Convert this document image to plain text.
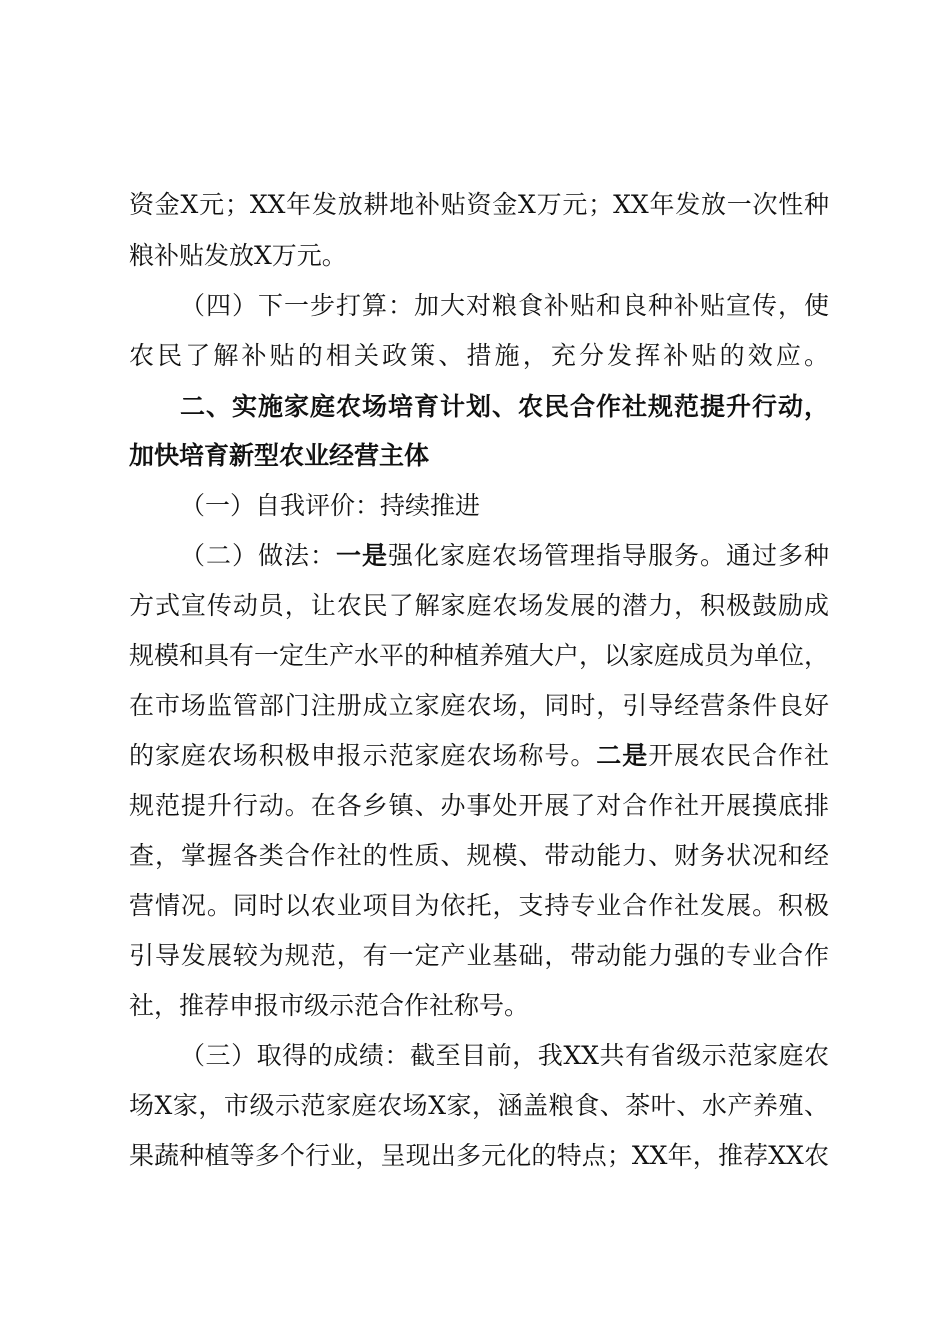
资金X元；XX年发放耕地补贴资金X万元；XX年发放一次性种
粮补贴发放X万元。
（四）下一步打算：加大对粮食补贴和良种补贴宣传，使
农民了解补贴的相关政策、措施，充分发挥补贴的效应。
二、实施家庭农场培育计划、农民合作社规范提升行动，
加快培育新型农业经营主体
（一）自我评价：持续推进
（二）做法：一是强化家庭农场管理指导服务。通过多种
方式宣传动员，让农民了解家庭农场发展的潜力，积极鼓励成
规模和具有一定生产水平的种植养殖大户，以家庭成员为单位，
在市场监管部门注册成立家庭农场，同时，引导经营条件良好
的家庭农场积极申报示范家庭农场称号。二是开展农民合作社
规范提升行动。在各乡镇、办事处开展了对合作社开展摸底排
查，掌握各类合作社的性质、规模、带动能力、财务状况和经
营情况。同时以农业项目为依托，支持专业合作社发展。积极
引导发展较为规范，有一定产业基础，带动能力强的专业合作
社，推荐申报市级示范合作社称号。
（三）取得的成绩：截至目前，我XX共有省级示范家庭农
场X家，市级示范家庭农场X家，涵盖粮食、茶叶、水产养殖、
果蔬种植等多个行业，呈现出多元化的特点；XX年，推荐XX农
